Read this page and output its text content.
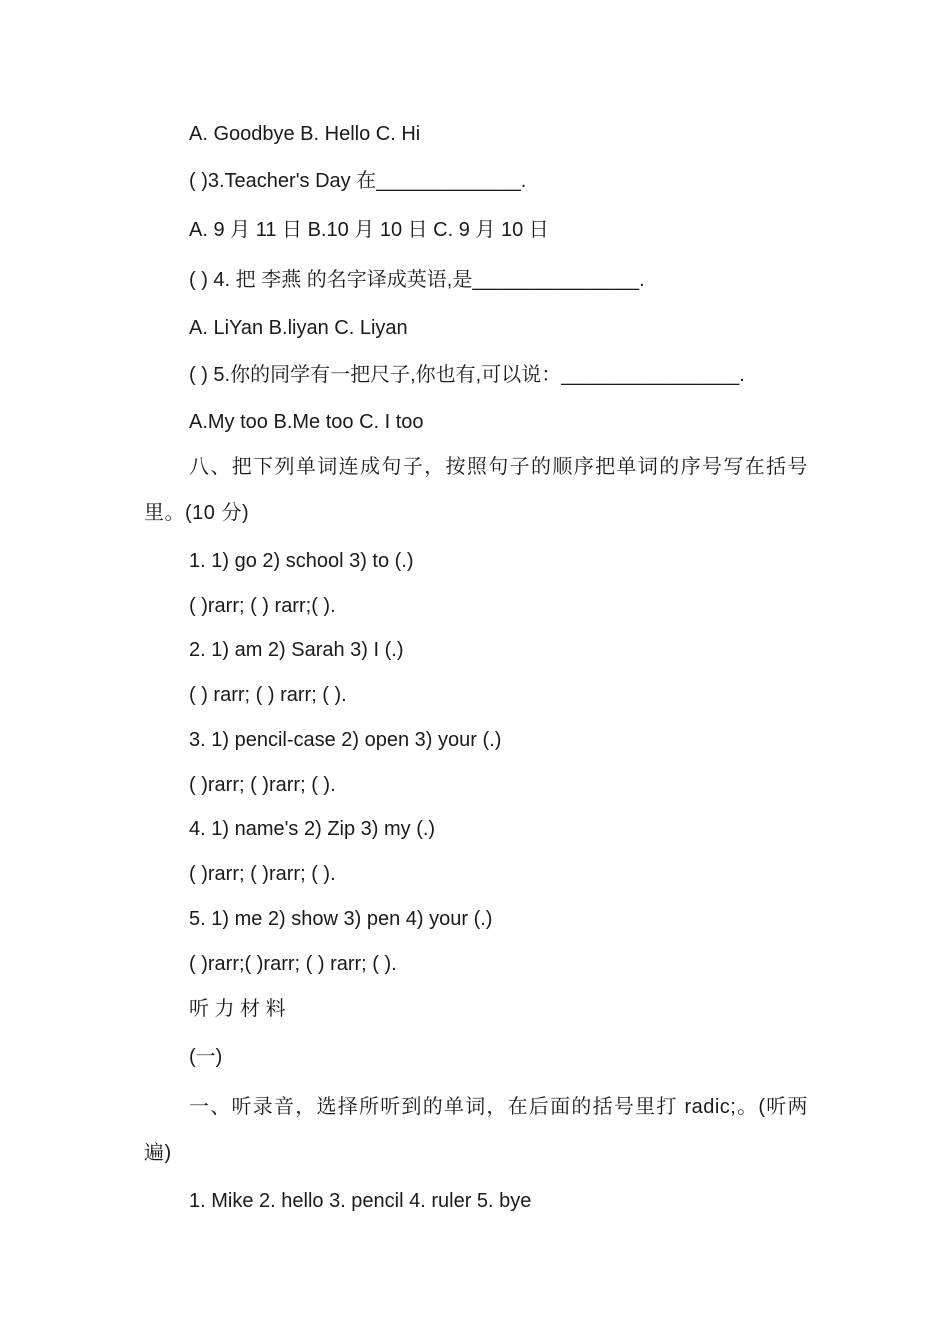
A. Goodbye B. Hello C. Hi
( )3.Teacher's Day 在_____________.
A. 9 月 11 日 B.10 月 10 日 C. 9 月 10 日
( ) 4. 把 李燕 的名字译成英语,是_______________.
A. LiYan B.liyan C. Liyan
( ) 5.你的同学有一把尺子,你也有,可以说：________________.
A.My too B.Me too C. I too
八、把下列单词连成句子，按照句子的顺序把单词的序号写在括号里。(10 分)
1. 1) go 2) school 3) to (.)
( )rarr; ( ) rarr;( ).
2. 1) am 2) Sarah 3) I (.)
( ) rarr; ( ) rarr; ( ).
3. 1) pencil-case 2) open 3) your (.)
( )rarr; ( )rarr; ( ).
4. 1) name's 2) Zip 3) my (.)
( )rarr; ( )rarr; ( ).
5. 1) me 2) show 3) pen 4) your (.)
( )rarr;( )rarr; ( ) rarr; ( ).
听 力 材 料
(一)
一、听录音，选择所听到的单词，在后面的括号里打 radic;。(听两遍)
1. Mike 2. hello 3. pencil 4. ruler 5. bye
